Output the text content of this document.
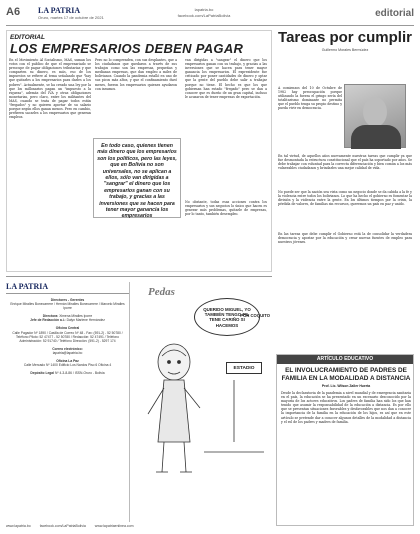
A6 LA PATRIA
Oruro, martes 17 de octubre de 2021
lapatria.bo
facebook.com/LaPatriaBolivia	editorial
EDITORIAL
LOS EMPRESARIOS DEBEN PAGAR
En el Movimiento Al Socialismo, MAS, suman los votos con el publico de que el empresariado se preocupe de pagar obligaciones tributarias y que comparten su dinero, es más, eso de los impuestos se refiere al tema señalando que "hay que quitarles a los empresarios para darles a los pobres". Actualmente, se ha creado una ley por la que los millonarios pagan un "impuesto a la riqueza", además del IVA y otras obligaciones monetarias, pero claro, entre los militantes del MAS, cuando se trata de pagar todos están "fregados" y no quieren aportar de su salario porque según ellos ganan menos. Pero en cambio, prefieren sacarles a los empresarios que generan empleos.
Pero no lo comprenden, con sus desplantes, que a los ciudadanos que quedaron a través de sus trabajos como son las empresas, pequeñas y medianas empresas, que dan empleo a miles de bolivianos. Cuando la pandemia estalló en uno de sus picos más altos, y que el confinamiento duró meses, fueron los empresarios quienes ayudaron con insumos.
van dirigidas a "sangrar" el dinero que los empresarios ganan con su trabajo, y gracias a las inversiones que se hacen para tener mayor ganancia los empresarios. El expresidente fue criticado por poner cantidades de dinero y optar que la gente del pueblo debe salir a trabajar porque no tiene. El hecho es que los que gobiernan han estado "fregado" pero se dan a conocer que es dueño de un gran capital, incluso le acusaron de tener empresas de exportación.
No obstante, todas esas acciones contra los empresarios y sus negocios lo único que hacen es generar más problemas, quitarle de empresas, por lo tanto, también desempleo.
En todo caso, quienes tienen más dinero que los empresarios son los políticos, pero las leyes, que en Bolivia no son universales, no se aplican a ellos, sólo van dirigidas a "sangrar" el dinero que los empresarios ganan con su trabajo, y gracias a las inversiones que se hacen para tener mayor ganancia los empresarios
Tareas por cumplir
Guillermo Morales Bermúdez
A comienzos del 10 de Octubre de 1982 hay preocupación porque utilizando la fuerza el gringo sería del totalitarismo dominante no permita que el pueblo tenga su propio destino y pueda vivir en democracia.
En tal virtud, de aquellos años nuevamente nuestras tareas que cumplir ya que fue desmontada la estructura constitucional que el país ha soportado por años. Se debe trabajar con voluntad para la correcta diferenciación y bien común a los más vulnerables ciudadanos y brindarles una mejor calidad de vida.
No puede ser que la nación sea vista como un negocio donde se da cabida a la fe y la violencia entre todos los bolivianos. Lo que ha hecho el gobierno es fomentar la división y la violencia entre la gente. En los últimos tiempos por la crisis, la pérdida de valores, de familias sin recursos, queremos un país en paz y unido.
En las tareas que debe cumplir el Gobierno está la de consolidar la verdadera democracia y apostar por la educación y crear nuevas fuentes de empleo para nuestros jóvenes.
LA PATRIA
Directores - Gerentes
Enrique Miralles Bonecarrere / Hernán Miralles Bonecarrere / Marcelo Miralles Iporre
Directora: Ximena Miralles Iporre
Jefe de Redacción a.i.: Dalyn Marlene Hernández
Oficina Central
Calle Pagador Nº 1890 / Casilla de Correo Nº 48 - Fax: (591-2) - 52 50780 / Teléfono Piloto: 52 47477 - 52 50780 / Redacción: 52 47491 / Teléfono Administración: 52 91740 / Teléfono Dirección: (591-2) - 5297 174
Correo electrónico:
lapatria@lapatria.bo
Oficina La Paz
Calle Mercado Nº 1400 Edificio Los Nardos Piso 6 Oficina 4
Depósito Legal Nº 4-3-8-86 / ISSN-Oruro - Bolivia
Pedas
POR COQUITO
QUERIDO MIGUEL, YO TAMBIÉN TENGO FE, TENE CARIÑO SI HACEMOS
ESTADIO
ARTÍCULO EDUCATIVO
EL INVOLUCRAMIENTO DE PADRES DE FAMILIA EN LA MODALIDAD A DISTANCIA
Prof. Lic. Wilson Zaller Huerta
Desde la declaratoria de la pandemia a nivel mundial y de emergencia sanitaria en el país, la educación se ha presentado en un escenario desconocido por la mayoría de los actores educativos. Los padres de familia han sido los que han tenido que asumir la responsabilidad de la educación a distancia. Es por ello que se presentan situaciones favorables y desfavorables que nos dan a conocer la importancia de la familia en la educación de los hijos, es así que en este artículo se pretende dar a conocer algunos detalles de la modalidad a distancia y el rol de los padres y madres de familia.
www.lapatria.bo	facebook.com/LaPatriaBolivia	www.lapatriaenlinea.com
